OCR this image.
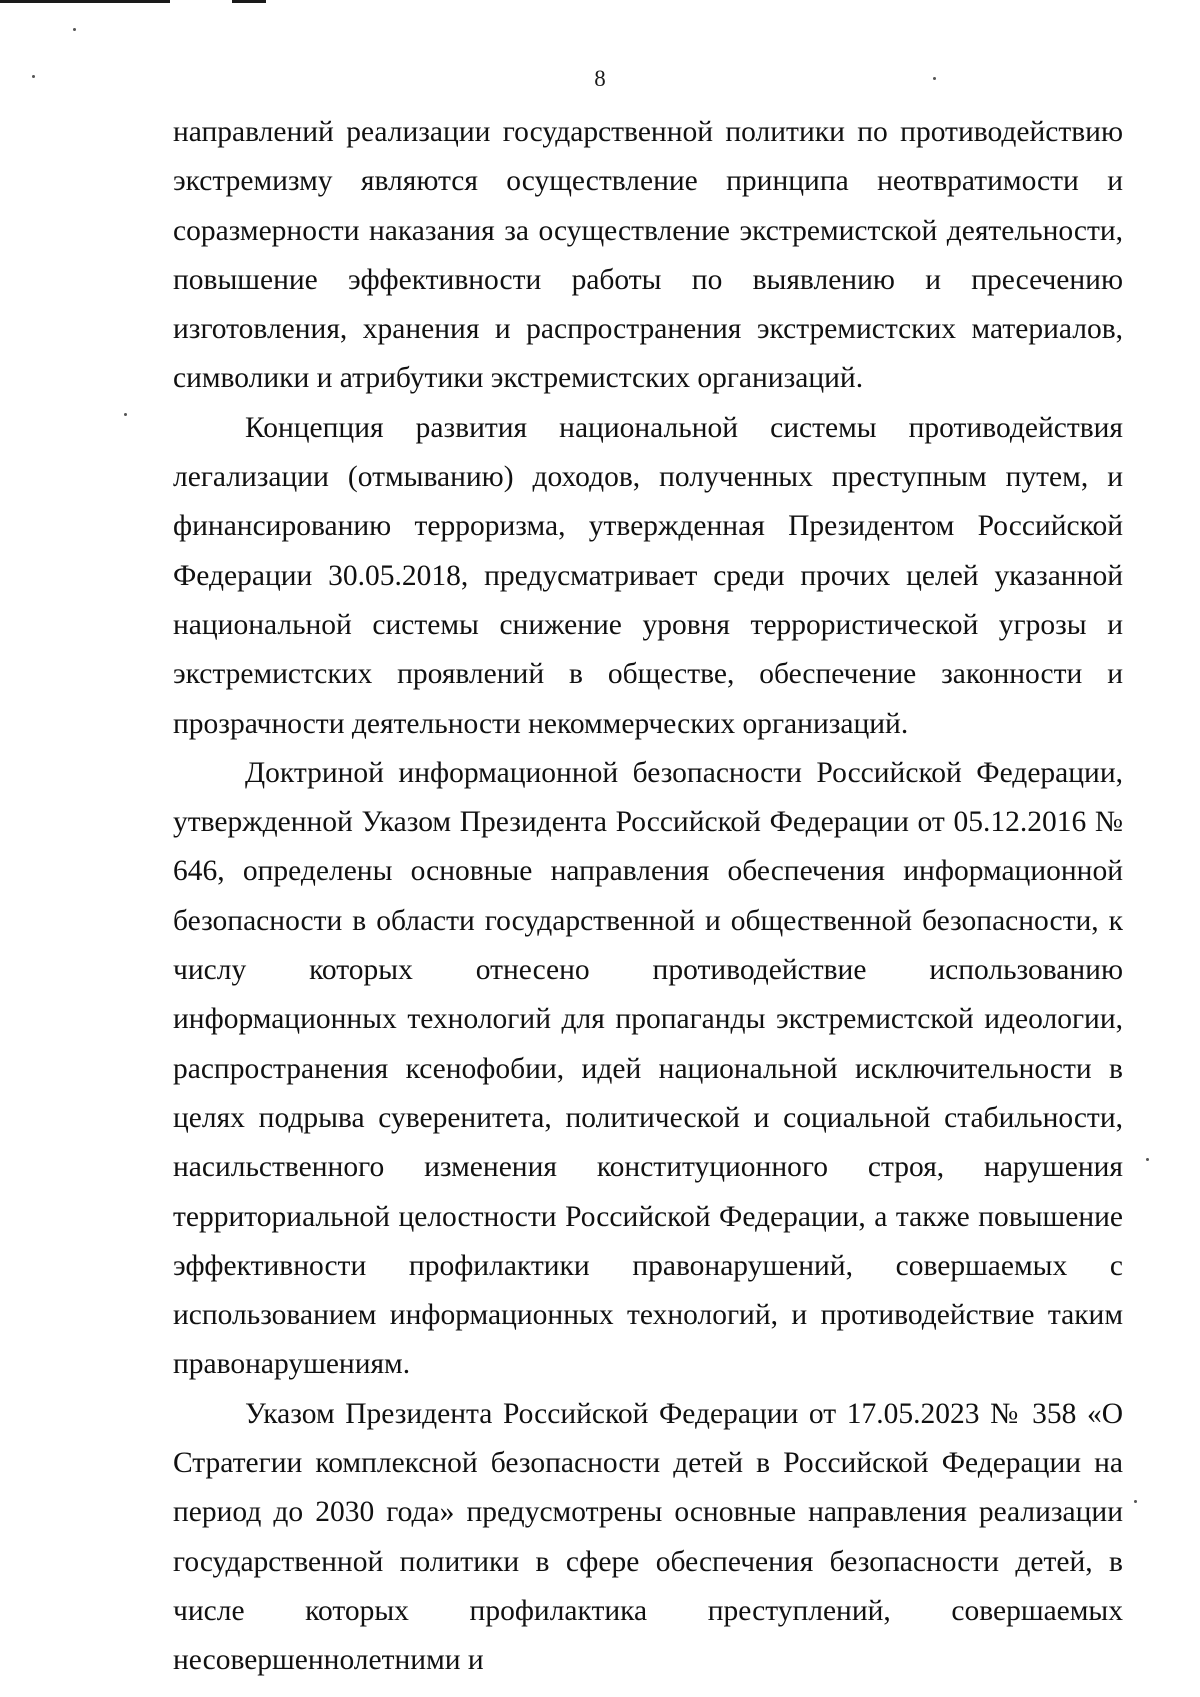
8

направлений реализации государственной политики по противодействию экстремизму являются осуществление принципа неотвратимости и соразмерности наказания за осуществление экстремистской деятельности, повышение эффективности работы по выявлению и пресечению изготовления, хранения и распространения экстремистских материалов, символики и атрибутики экстремистских организаций.

Концепция развития национальной системы противодействия легализации (отмыванию) доходов, полученных преступным путем, и финансированию терроризма, утвержденная Президентом Российской Федерации 30.05.2018, предусматривает среди прочих целей указанной национальной системы снижение уровня террористической угрозы и экстремистских проявлений в обществе, обеспечение законности и прозрачности деятельности некоммерческих организаций.

Доктриной информационной безопасности Российской Федерации, утвержденной Указом Президента Российской Федерации от 05.12.2016 № 646, определены основные направления обеспечения информационной безопасности в области государственной и общественной безопасности, к числу которых отнесено противодействие использованию информационных технологий для пропаганды экстремистской идеологии, распространения ксенофобии, идей национальной исключительности в целях подрыва суверенитета, политической и социальной стабильности, насильственного изменения конституционного строя, нарушения территориальной целостности Российской Федерации, а также повышение эффективности профилактики правонарушений, совершаемых с использованием информационных технологий, и противодействие таким правонарушениям.

Указом Президента Российской Федерации от 17.05.2023 № 358 «О Стратегии комплексной безопасности детей в Российской Федерации на период до 2030 года» предусмотрены основные направления реализации государственной политики в сфере обеспечения безопасности детей, в числе которых профилактика преступлений, совершаемых несовершеннолетними и
